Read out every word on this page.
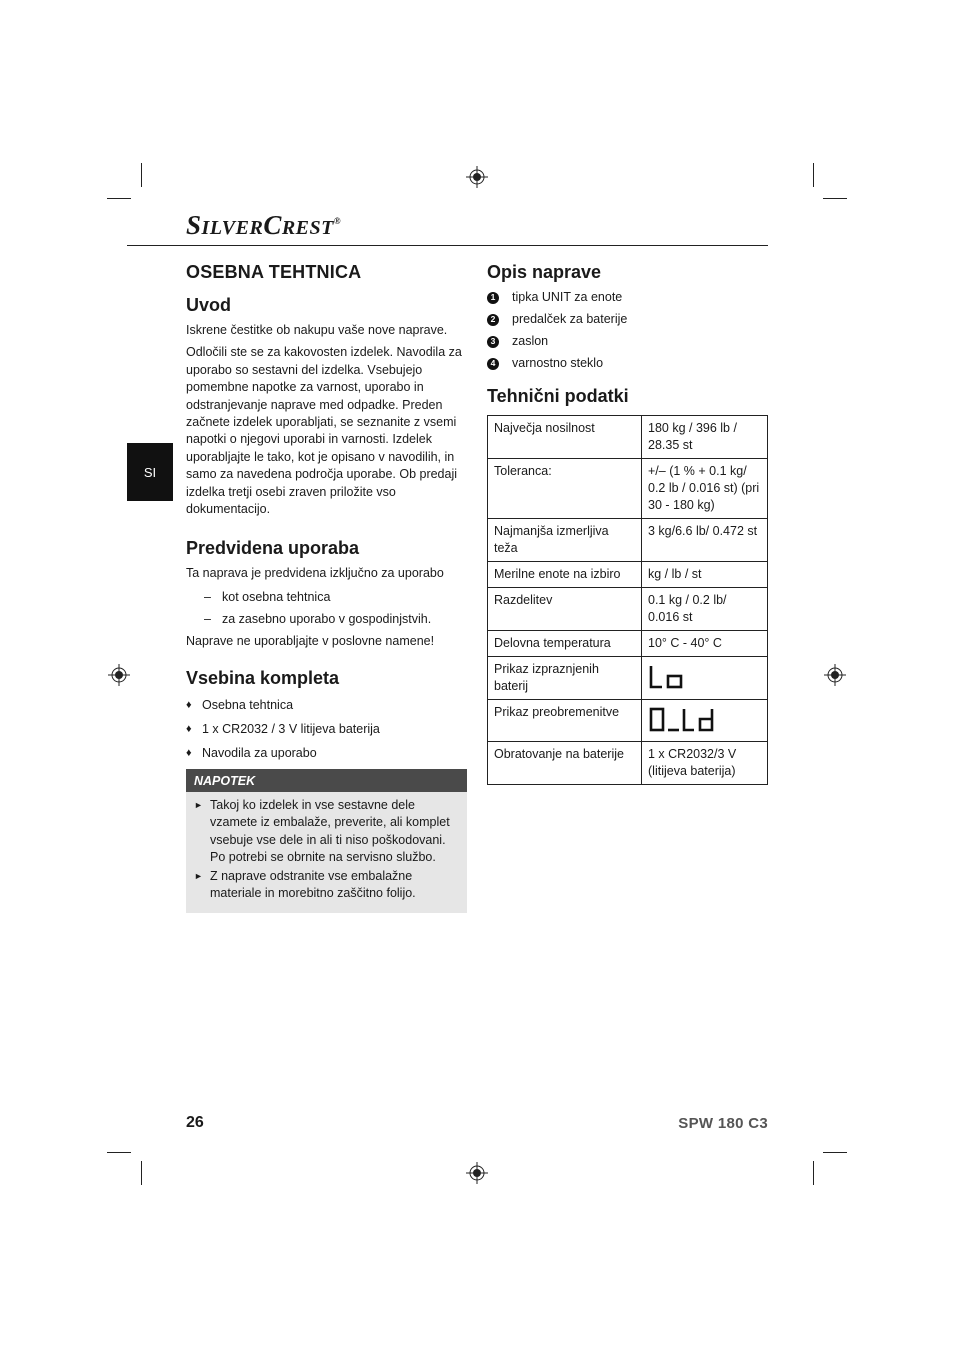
SILVERCREST®
SI
OSEBNA TEHTNICA
Uvod

Iskrene čestitke ob nakupu vaše nove naprave.

Odločili ste se za kakovosten izdelek. Navodila za uporabo so sestavni del izdelka. Vsebujejo pomembne napotke za varnost, uporabo in odstranjevanje naprave med odpadke. Preden začnete izdelek uporabljati, se seznanite z vsemi napotki o njegovi uporabi in varnosti. Izdelek uporabljajte le tako, kot je opisano v navodilih, in samo za navedena področja uporabe. Ob predaji izdelka tretji osebi zraven priložite vso dokumentacijo.

Predvidena uporaba

Ta naprava je predvidena izključno za uporabo

– kot osebna tehtnica
– za zasebno uporabo v gospodinjstvih.

Naprave ne uporabljajte v poslovne namene!

Vsebina kompleta
♦ Osebna tehtnica
♦ 1 x CR2032 / 3 V litijeva baterija
♦ Navodila za uporabo
NAPOTEK
► Takoj ko izdelek in vse sestavne dele vzamete iz embalaže, preverite, ali komplet vsebuje vse dele in ali ti niso poškodovani. Po potrebi se obrnite na servisno službo.
► Z naprave odstranite vse embalažne materiale in morebitno zaščitno folijo.
Opis naprave
1 tipka UNIT za enote
2 predalček za baterije
3 zaslon
4 varnostno steklo
Tehnični podatki
Največja nosilnost	180 kg / 396 lb / 28.35 st
Toleranca:	+/– (1 % + 0.1 kg/ 0.2 lb / 0.016 st) (pri 30 - 180 kg)
Najmanjša izmerljiva teža	3 kg/6.6 lb/ 0.472 st
Merilne enote na izbiro	kg / lb / st
Razdelitev	0.1 kg / 0.2 lb/ 0.016 st
Delovna temperatura	10° C - 40° C
Prikaz izpraznjenih baterij	

Prikaz preobremenitve	

Obratovanje na baterije	1 x CR2032/3 V (litijeva baterija)
26	SPW 180 C3
